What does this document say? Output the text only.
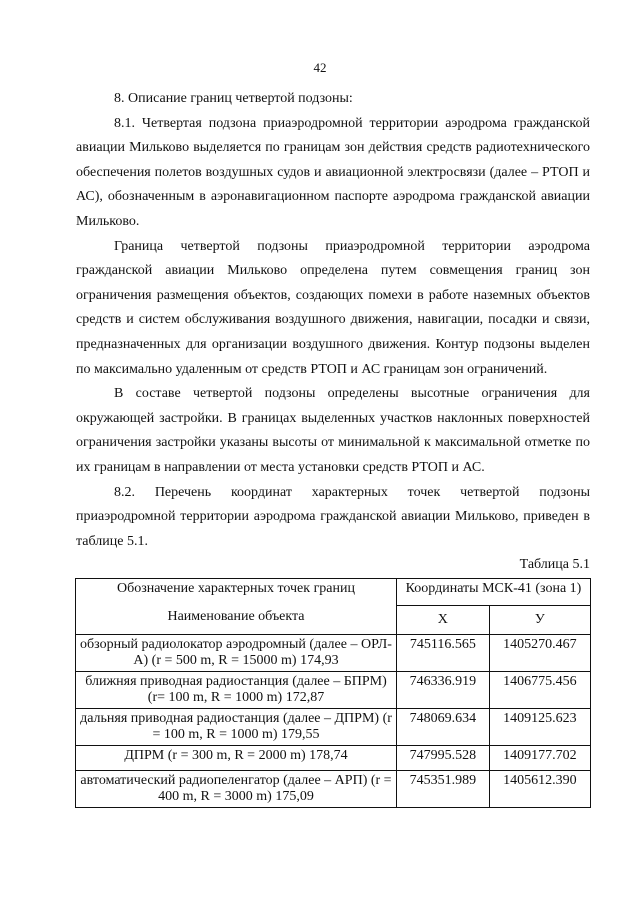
42

8. Описание границ четвертой подзоны:

8.1. Четвертая подзона приаэродромной территории аэродрома гражданской авиации Мильково выделяется по границам зон действия средств радиотехнического обеспечения полетов воздушных судов и авиационной электросвязи (далее – РТОП и АС), обозначенным в аэронавигационном паспорте аэродрома гражданской авиации Мильково.

Граница четвертой подзоны приаэродромной территории аэродрома гражданской авиации Мильково определена путем совмещения границ зон ограничения размещения объектов, создающих помехи в работе наземных объектов средств и систем обслуживания воздушного движения, навигации, посадки и связи, предназначенных для организации воздушного движения. Контур подзоны выделен по максимально удаленным от средств РТОП и АС границам зон ограничений.

В составе четвертой подзоны определены высотные ограничения для окружающей застройки. В границах выделенных участков наклонных поверхностей ограничения застройки указаны высоты от минимальной к максимальной отметке по их границам в направлении от места установки средств РТОП и АС.

8.2. Перечень координат характерных точек четвертой подзоны приаэродромной территории аэродрома гражданской авиации Мильково, приведен в таблице 5.1.

Таблица 5.1

Обозначение характерных точек границ
Наименование объекта	Координаты МСК-41 (зона 1)	
	X	У
обзорный радиолокатор аэродромный (далее – ОРЛ-А) (r = 500 m, R = 15000 m) 174,93	745116.565	1405270.467
ближняя приводная радиостанция (далее – БПРМ) (r= 100 m, R = 1000 m) 172,87	746336.919	1406775.456
дальняя приводная радиостанция (далее – ДПРМ) (r = 100 m, R = 1000 m) 179,55	748069.634	1409125.623
ДПРМ (r = 300 m, R = 2000 m) 178,74	747995.528	1409177.702
автоматический радиопеленгатор (далее – АРП) (r = 400 m, R = 3000 m) 175,09	745351.989	1405612.390
